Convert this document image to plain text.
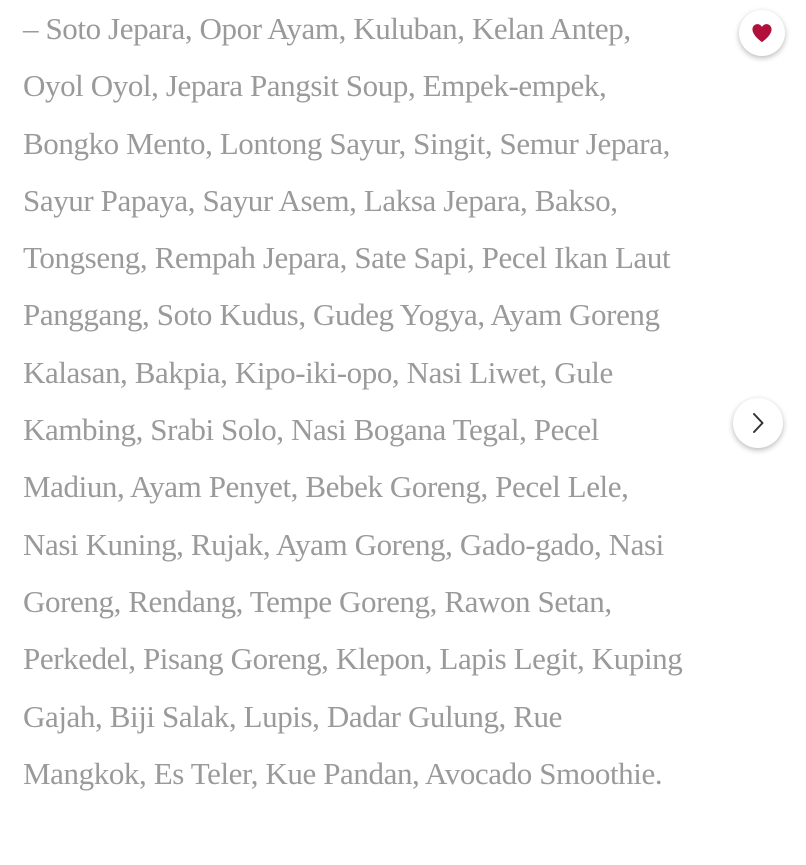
– Soto Jepara, Opor Ayam, Kuluban, Kelan Antep, Oyol Oyol, Jepara Pangsit Soup, Empek-empek, Bongko Mento, Lontong Sayur, Singit, Semur Jepara, Sayur Papaya, Sayur Asem, Laksa Jepara, Bakso, Tongseng, Rempah Jepara, Sate Sapi, Pecel Ikan Laut Panggang, Soto Kudus, Gudeg Yogya, Ayam Goreng Kalasan, Bakpia, Kipo-iki-opo, Nasi Liwet, Gule Kambing, Srabi Solo, Nasi Bogana Tegal, Pecel Madiun, Ayam Penyet, Bebek Goreng, Pecel Lele, Nasi Kuning, Rujak, Ayam Goreng, Gado-gado, Nasi Goreng, Rendang, Tempe Goreng, Rawon Setan, Perkedel, Pisang Goreng, Klepon, Lapis Legit, Kuping Gajah, Biji Salak, Lupis, Dadar Gulung, Rue Mangkok, Es Teler, Kue Pandan, Avocado Smoothie.
